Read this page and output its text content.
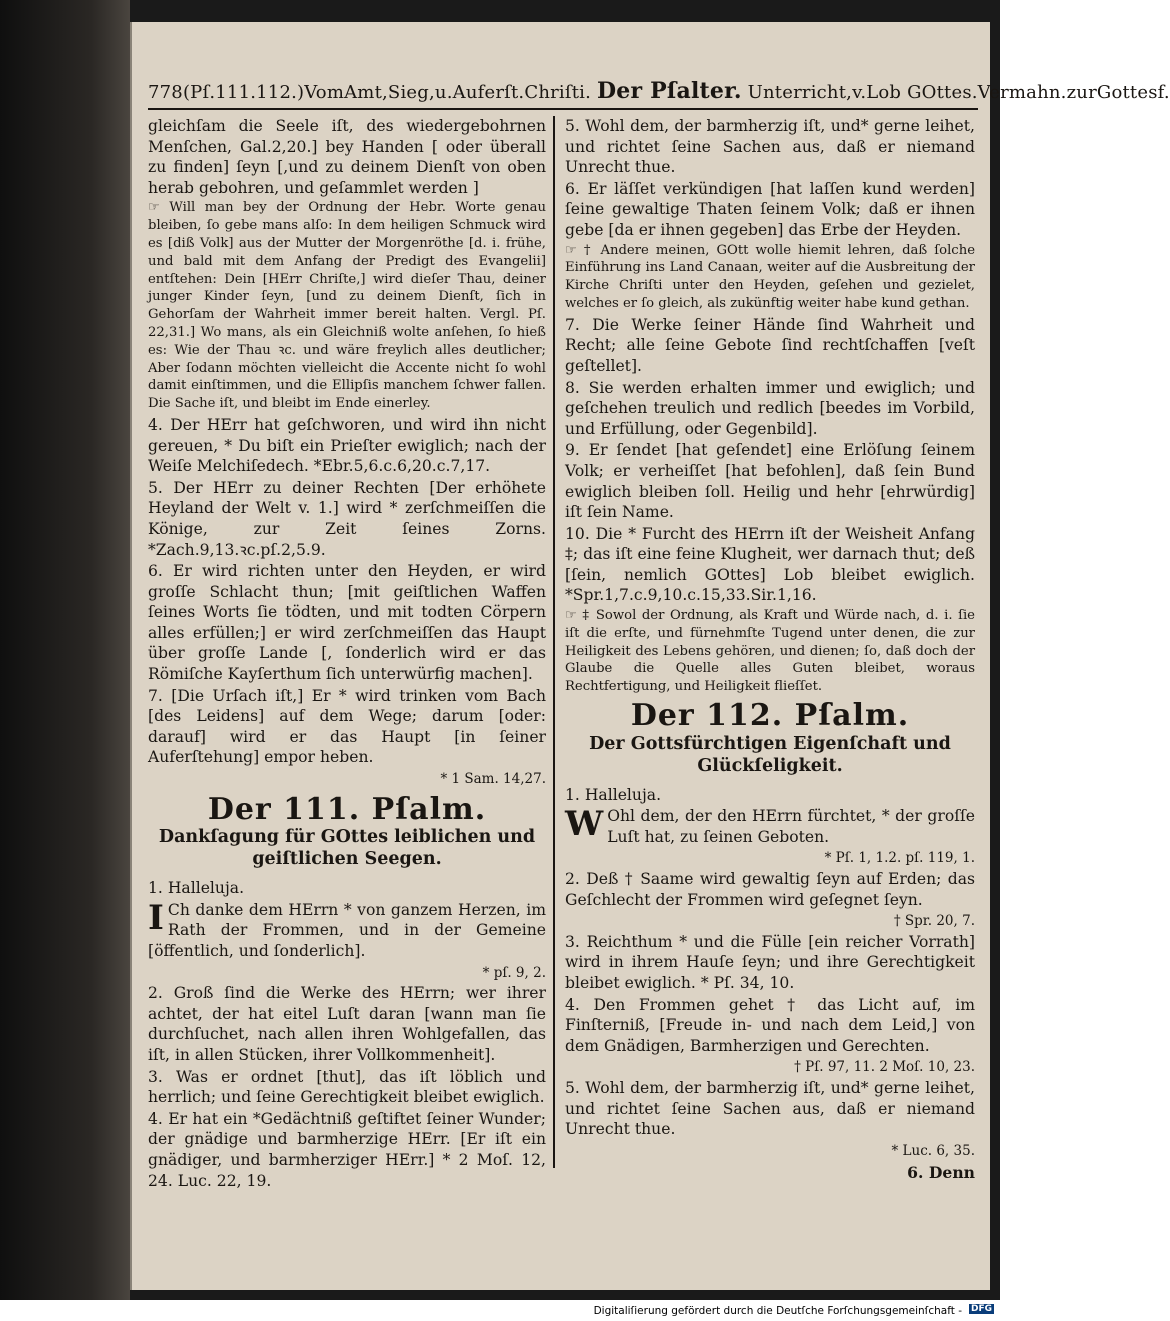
778(Pſ.111.112.)VomAmt,Sieg,u.Auferſt.Chriſti. Der Pſalter. Unterricht,v.Lob GOttes.Vermahn.zurGottesf.

gleichſam die Seele iſt, des wiedergebohrnen Menſchen, Gal.2,20.] bey Handen [ oder überall zu finden] ſeyn [,und zu deinem Dienſt von oben herab gebohren, und geſammlet werden ]

☞ Will man bey der Ordnung der Hebr. Worte genau bleiben, ſo gebe mans alſo: In dem heiligen Schmuck wird es [diß Volk] aus der Mutter der Morgenröthe [d. i. frühe, und bald mit dem Anfang der Predigt des Evangelii] entſtehen: Dein [HErr Chriſte,] wird dieſer Thau, deiner junger Kinder ſeyn, [und zu deinem Dienſt, ſich in Gehorſam der Wahrheit immer bereit halten. Vergl. Pſ. 22,31.] Wo mans, als ein Gleichniß wolte anſehen, ſo hieß es: Wie der Thau ꝛc. und wäre freylich alles deutlicher; Aber ſodann möchten vielleicht die Accente nicht ſo wohl damit einſtimmen, und die Ellipſis manchem ſchwer fallen. Die Sache iſt, und bleibt im Ende einerley.

4. Der HErr hat geſchworen, und wird ihn nicht gereuen, * Du biſt ein Prieſter ewiglich; nach der Weiſe Melchiſedech. *Ebr.5,6.c.6,20.c.7,17.

5. Der HErr zu deiner Rechten [Der erhöhete Heyland der Welt v. 1.] wird * zerſchmeiſſen die Könige, zur Zeit ſeines Zorns. *Zach.9,13.ꝛc.pſ.2,5.9.

6. Er wird richten unter den Heyden, er wird groſſe Schlacht thun; [mit geiſtlichen Waffen ſeines Worts ſie tödten, und mit todten Cörpern alles erfüllen;] er wird zerſchmeiſſen das Haupt über groſſe Lande [, ſonderlich wird er das Römiſche Kayſerthum ſich unterwürfig machen].

7. [Die Urſach iſt,] Er * wird trinken vom Bach [des Leidens] auf dem Wege; darum [oder: darauf] wird er das Haupt [in ſeiner Auferſtehung] empor heben.

* 1 Sam. 14,27.

Der 111. Pſalm.
Dankſagung für GOttes leiblichen und geiſtlichen Seegen.

1. Halleluja.

I Ch danke dem HErrn * von ganzem Herzen, im Rath der Frommen, und in der Gemeine [öffentlich, und ſonderlich].

* pſ. 9, 2.

2. Groß ſind die Werke des HErrn; wer ihrer achtet, der hat eitel Luſt daran [wann man ſie durchſuchet, nach allen ihren Wohlgefallen, das iſt, in allen Stücken, ihrer Vollkommenheit].

3. Was er ordnet [thut], das iſt löblich und herrlich; und ſeine Gerechtigkeit bleibet ewiglich.

4. Er hat ein *Gedächtniß geſtiftet ſeiner Wunder; der gnädige und barmherzige HErr. [Er iſt ein gnädiger, und barmherziger HErr.] * 2 Moſ. 12, 24. Luc. 22, 19.

5. Wohl dem, der barmherzig iſt, und* gerne leihet, und richtet ſeine Sachen aus, daß er niemand Unrecht thue.

6. Er läſſet verkündigen [hat laſſen kund werden] ſeine gewaltige Thaten ſeinem Volk; daß er ihnen gebe [da er ihnen gegeben] das Erbe der Heyden.

☞ † Andere meinen, GOtt wolle hiemit lehren, daß ſolche Einführung ins Land Canaan, weiter auf die Ausbreitung der Kirche Chriſti unter den Heyden, geſehen und gezielet, welches er ſo gleich, als zukünftig weiter habe kund gethan.

7. Die Werke ſeiner Hände ſind Wahrheit und Recht; alle ſeine Gebote ſind rechtſchaffen [veſt geſtellet].

8. Sie werden erhalten immer und ewiglich; und geſchehen treulich und redlich [beedes im Vorbild, und Erfüllung, oder Gegenbild].

9. Er ſendet [hat geſendet] eine Erlöſung ſeinem Volk; er verheiſſet [hat befohlen], daß ſein Bund ewiglich bleiben ſoll. Heilig und hehr [ehrwürdig] iſt ſein Name.

10. Die * Furcht des HErrn iſt der Weisheit Anfang ‡; das iſt eine feine Klugheit, wer darnach thut; deß [ſein, nemlich GOttes] Lob bleibet ewiglich. *Spr.1,7.c.9,10.c.15,33.Sir.1,16.

☞ ‡ Sowol der Ordnung, als Kraft und Würde nach, d. i. ſie iſt die erſte, und fürnehmſte Tugend unter denen, die zur Heiligkeit des Lebens gehören, und dienen; ſo, daß doch der Glaube die Quelle alles Guten bleibet, woraus Rechtfertigung, und Heiligkeit flieſſet.

Der 112. Pſalm.
Der Gottsfürchtigen Eigenſchaft und Glückſeligkeit.

1. Halleluja.

W Ohl dem, der den HErrn fürchtet, * der groſſe Luſt hat, zu ſeinen Geboten.

* Pſ. 1, 1.2. pſ. 119, 1.

2. Deß † Saame wird gewaltig ſeyn auf Erden; das Geſchlecht der Frommen wird geſegnet ſeyn.

† Spr. 20, 7.

3. Reichthum * und die Fülle [ein reicher Vorrath] wird in ihrem Hauſe ſeyn; und ihre Gerechtigkeit bleibet ewiglich. * Pſ. 34, 10.

4. Den Frommen gehet † das Licht auf, im Finſterniß, [Freude in- und nach dem Leid,] von dem Gnädigen, Barmherzigen und Gerechten.

† Pſ. 97, 11. 2 Moſ. 10, 23.

5. Wohl dem, der barmherzig iſt, und* gerne leihet, und richtet ſeine Sachen aus, daß er niemand Unrecht thue.

* Luc. 6, 35.

6. Denn

Digitaliſierung gefördert durch die Deutſche Forſchungsgemeinſchaft - DFG
